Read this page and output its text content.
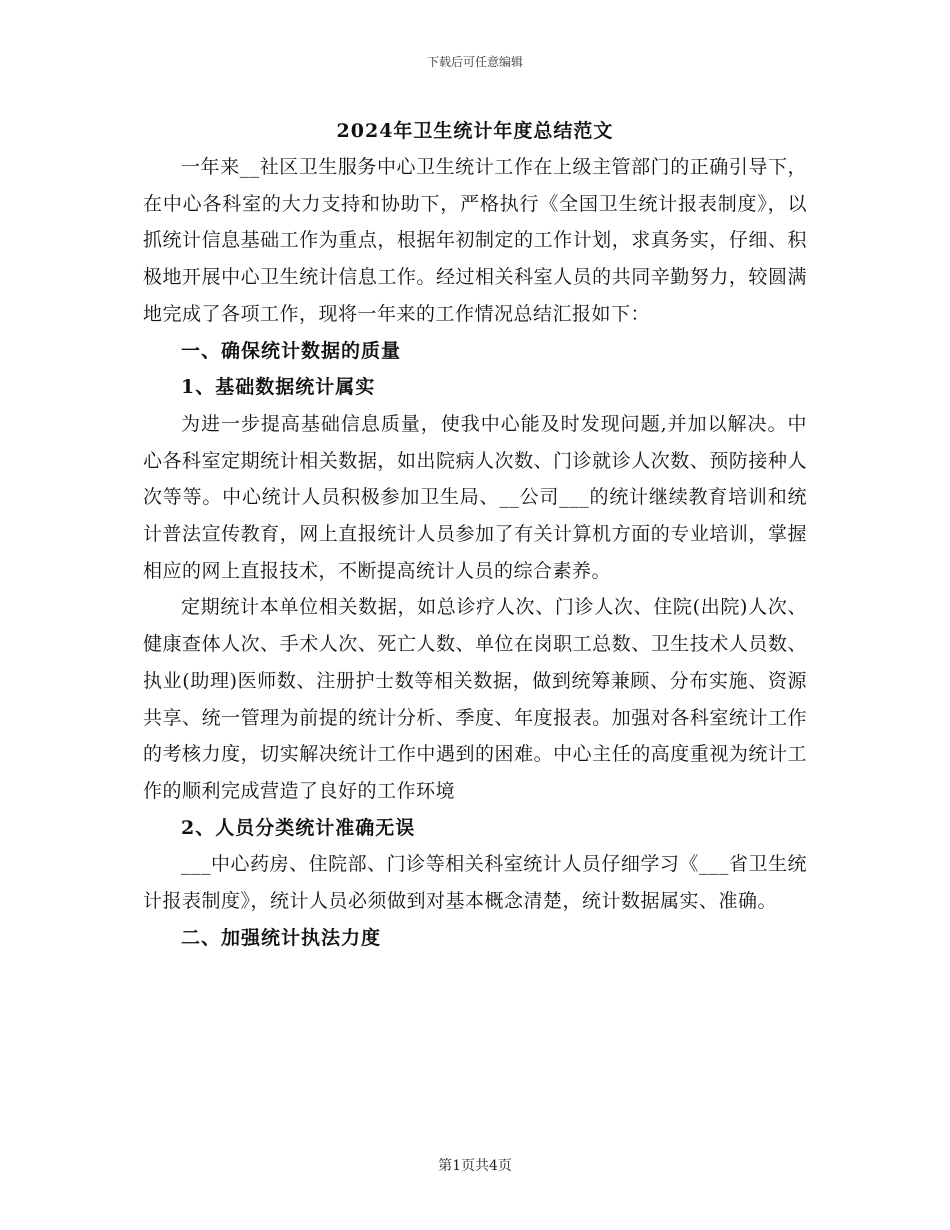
下载后可任意编辑
2024年卫生统计年度总结范文

一年来__社区卫生服务中心卫生统计工作在上级主管部门的正确引导下，在中心各科室的大力支持和协助下，严格执行《全国卫生统计报表制度》，以抓统计信息基础工作为重点，根据年初制定的工作计划，求真务实，仔细、积极地开展中心卫生统计信息工作。经过相关科室人员的共同辛勤努力，较圆满地完成了各项工作，现将一年来的工作情况总结汇报如下：

一、确保统计数据的质量

1、基础数据统计属实

为进一步提高基础信息质量，使我中心能及时发现问题,并加以解决。中心各科室定期统计相关数据，如出院病人次数、门诊就诊人次数、预防接种人次等等。中心统计人员积极参加卫生局、__公司___的统计继续教育培训和统计普法宣传教育，网上直报统计人员参加了有关计算机方面的专业培训，掌握相应的网上直报技术，不断提高统计人员的综合素养。

定期统计本单位相关数据，如总诊疗人次、门诊人次、住院(出院)人次、健康查体人次、手术人次、死亡人数、单位在岗职工总数、卫生技术人员数、执业(助理)医师数、注册护士数等相关数据，做到统筹兼顾、分布实施、资源共享、统一管理为前提的统计分析、季度、年度报表。加强对各科室统计工作的考核力度，切实解决统计工作中遇到的困难。中心主任的高度重视为统计工作的顺利完成营造了良好的工作环境

2、人员分类统计准确无误

___中心药房、住院部、门诊等相关科室统计人员仔细学习《___省卫生统计报表制度》，统计人员必须做到对基本概念清楚，统计数据属实、准确。

二、加强统计执法力度

第1页共4页
